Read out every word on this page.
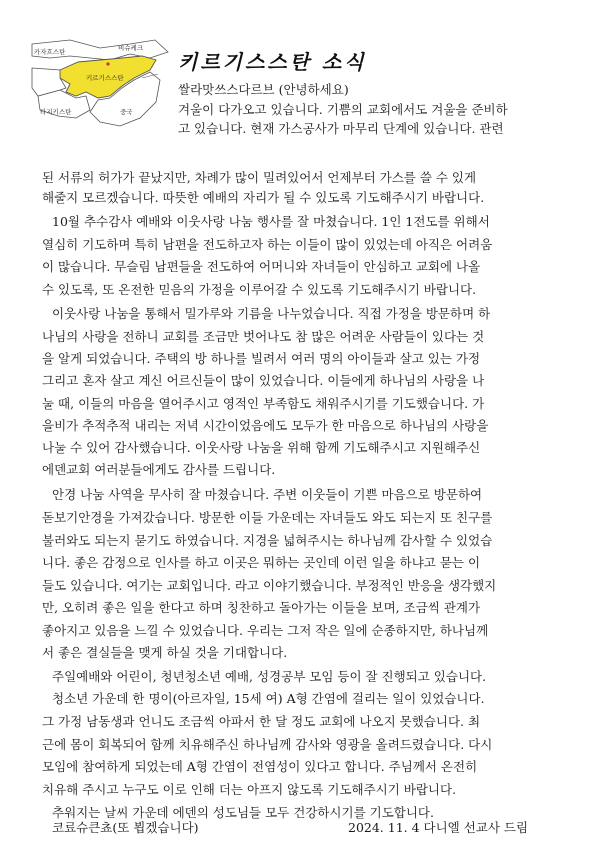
카자흐스탄	비슈케크
키르기스스탄
타지키스탄	중국
키르기스스탄 소식
쌀라맛쓰스다르브 (안녕하세요)
겨울이 다가오고 있습니다. 기쁨의 교회에서도 겨울을 준비하
고 있습니다. 현재 가스공사가 마무리 단계에 있습니다. 관련
된 서류의 허가가 끝났지만, 차례가 많이 밀려있어서 언제부터 가스를 쓸 수 있게
해줄지 모르겠습니다. 따뜻한 예배의 자리가 될 수 있도록 기도해주시기 바랍니다.
10월 추수감사 예배와 이웃사랑 나눔 행사를 잘 마쳤습니다. 1인 1전도를 위해서
열심히 기도하며 특히 남편을 전도하고자 하는 이들이 많이 있었는데 아직은 어려움
이 많습니다. 무슬림 남편들을 전도하여 어머니와 자녀들이 안심하고 교회에 나올
수 있도록, 또 온전한 믿음의 가정을 이루어갈 수 있도록 기도해주시기 바랍니다.
이웃사랑 나눔을 통해서 밀가루와 기름을 나누었습니다. 직접 가정을 방문하며 하
나님의 사랑을 전하니 교회를 조금만 벗어나도 참 많은 어려운 사람들이 있다는 것
을 알게 되었습니다. 주택의 방 하나를 빌려서 여러 명의 아이들과 살고 있는 가정
그리고 혼자 살고 계신 어르신들이 많이 있었습니다. 이들에게 하나님의 사랑을 나
눌 때, 이들의 마음을 열어주시고 영적인 부족함도 채워주시기를 기도했습니다. 가
을비가 추적추적 내리는 저녁 시간이었음에도 모두가 한 마음으로 하나님의 사랑을
나눌 수 있어 감사했습니다. 이웃사랑 나눔을 위해 함께 기도해주시고 지원해주신
에덴교회 여러분들에게도 감사를 드립니다.
안경 나눔 사역을 무사히 잘 마쳤습니다. 주변 이웃들이 기쁜 마음으로 방문하여
돋보기안경을 가져갔습니다. 방문한 이들 가운데는 자녀들도 와도 되는지 또 친구를
불러와도 되는지 묻기도 하였습니다. 지경을 넓혀주시는 하나님께 감사할 수 있었습
니다. 좋은 감정으로 인사를 하고 이곳은 뭐하는 곳인데 이런 일을 하냐고 묻는 이
들도 있습니다. 여기는 교회입니다. 라고 이야기했습니다. 부정적인 반응을 생각했지
만, 오히려 좋은 일을 한다고 하며 칭찬하고 돌아가는 이들을 보며, 조금씩 관계가
좋아지고 있음을 느낄 수 있었습니다. 우리는 그저 작은 일에 순종하지만, 하나님께
서 좋은 결실들을 맺게 하실 것을 기대합니다.
주일예배와 어린이, 청년청소년 예배, 성경공부 모임 등이 잘 진행되고 있습니다.
청소년 가운데 한 명이(아르자일, 15세 여) A형 간염에 걸리는 일이 있었습니다.
그 가정 남동생과 언니도 조금씩 아파서 한 달 정도 교회에 나오지 못했습니다. 최
근에 몸이 회복되어 함께 치유해주신 하나님께 감사와 영광을 올려드렸습니다. 다시
모임에 참여하게 되었는데 A형 간염이 전염성이 있다고 합니다. 주님께서 온전히
치유해 주시고 누구도 이로 인해 더는 아프지 않도록 기도해주시기 바랍니다.
추워지는 날씨 가운데 에덴의 성도님들 모두 건강하시기를 기도합니다.
코료슈큰쵸(또 뵙겠습니다)	2024. 11. 4 다니엘 선교사 드림
